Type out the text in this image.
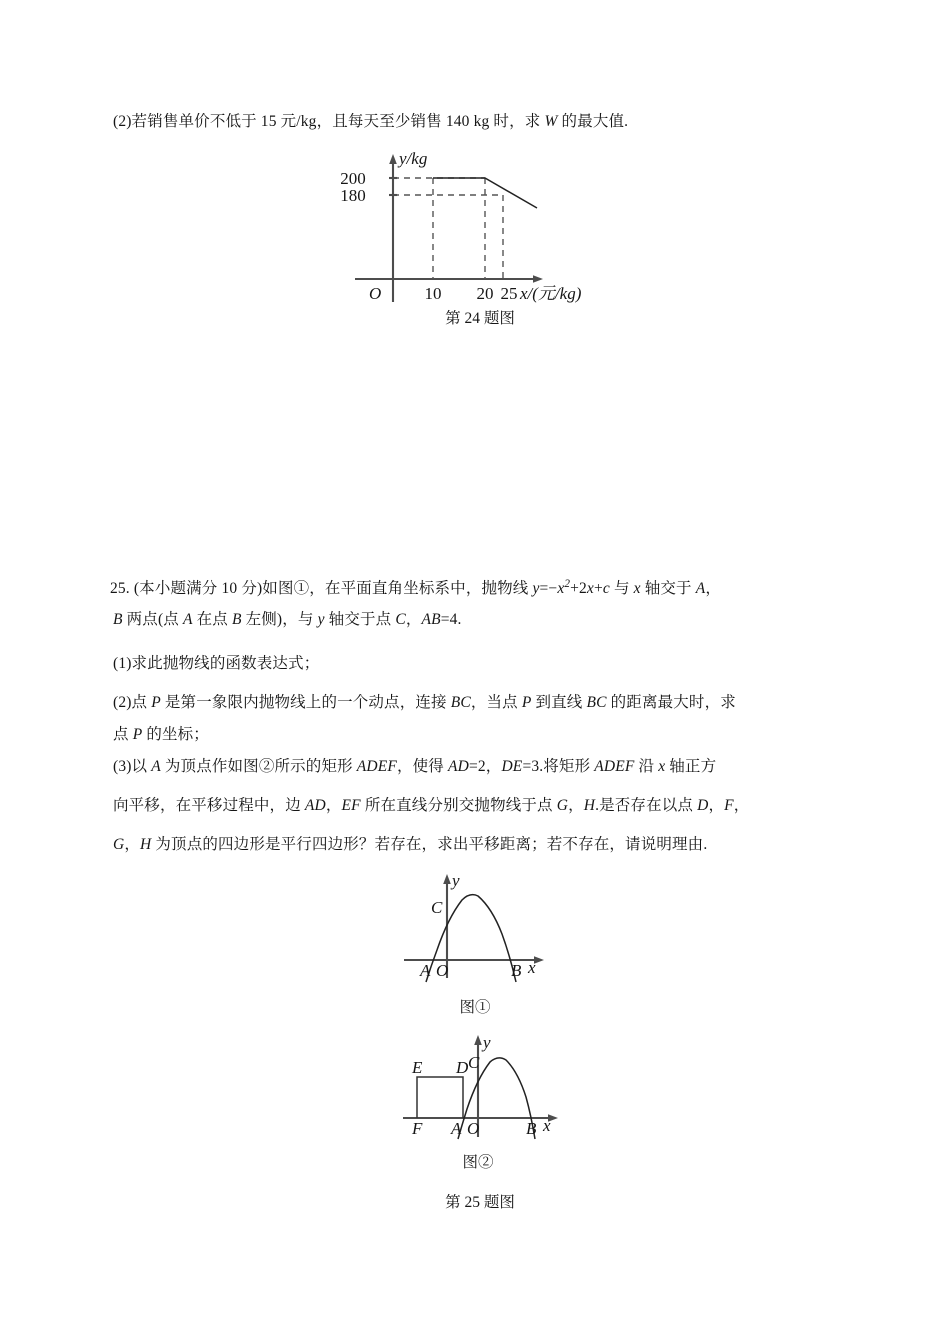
(2)若销售单价不低于 15 元/kg，且每天至少销售 140 kg 时，求 W 的最大值.
y/kg
x/(元/kg)
O
200
180
10 20 25
第 24 题图
25. (本小题满分 10 分)如图①，在平面直角坐标系中，抛物线 $y=-x^2+2x+c$ 与 x 轴交于 A，
B 两点(点 A 在点 B 左侧)，与 y 轴交于点 C，AB=4.
(1)求此抛物线的函数表达式；
(2)点 P 是第一象限内抛物线上的一个动点，连接 BC，当点 P 到直线 BC 的距离最大时，求
点 P 的坐标；
(3)以 A 为顶点作如图②所示的矩形 ADEF，使得 AD=2，DE=3.将矩形 ADEF 沿 x 轴正方
向平移，在平移过程中，边 AD，EF 所在直线分别交抛物线于点 G，H.是否存在以点 D，F，
G，H 为顶点的四边形是平行四边形？若存在，求出平移距离；若不存在，请说明理由.
y
x
A O	B
C
图①
y
x
E D C
F A O	B
图②
第 25 题图
